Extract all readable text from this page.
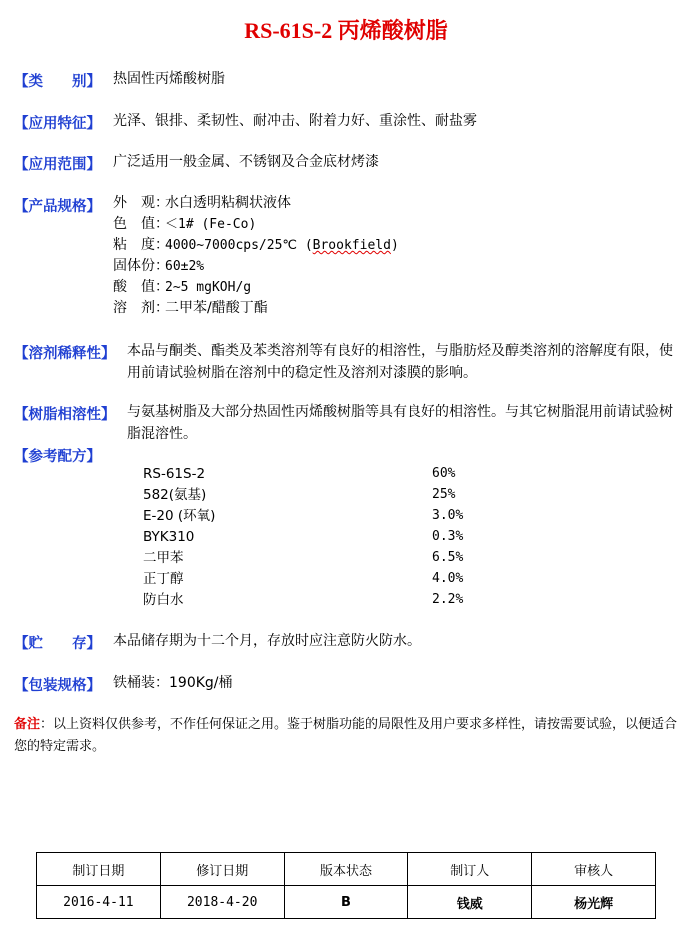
RS-61S-2 丙烯酸树脂
【类　　别】 热固性丙烯酸树脂
【应用特征】 光泽、银排、柔韧性、耐冲击、附着力好、重涂性、耐盐雾
【应用范围】 广泛适用一般金属、不锈钢及合金底材烤漆
【产品规格】 外　观：水白透明粘稠状液体
色　值：＜1# (Fe-Co)
粘　度：4000~7000cps/25℃ (Brookfield)
固体份：60±2%
酸　值：2~5 mgKOH/g
溶　剂：二甲苯/醋酸丁酯
【溶剂稀释性】 本品与酮类、酯类及苯类溶剂等有良好的相溶性，与脂肪烃及醇类溶剂的溶解度有限，使用前请试验树脂在溶剂中的稳定性及溶剂对漆膜的影响。
【树脂相溶性】 与氨基树脂及大部分热固性丙烯酸树脂等具有良好的相溶性。与其它树脂混用前请试验树脂混溶性。
【参考配方】
RS-61S-2	60%
582(氨基)	25%
E-20 (环氧)	3.0%
BYK310	0.3%
二甲苯	6.5%
正丁醇	4.0%
防白水	2.2%
【贮　　存】 本品储存期为十二个月，存放时应注意防火防水。
【包装规格】 铁桶装：190Kg/桶
备注：以上资料仅供参考，不作任何保证之用。鉴于树脂功能的局限性及用户要求多样性，请按需要试验，以便适合您的特定需求。
制订日期	修订日期	版本状态	制订人	审核人
2016-4-11	2018-4-20	B	钱威	杨光辉
